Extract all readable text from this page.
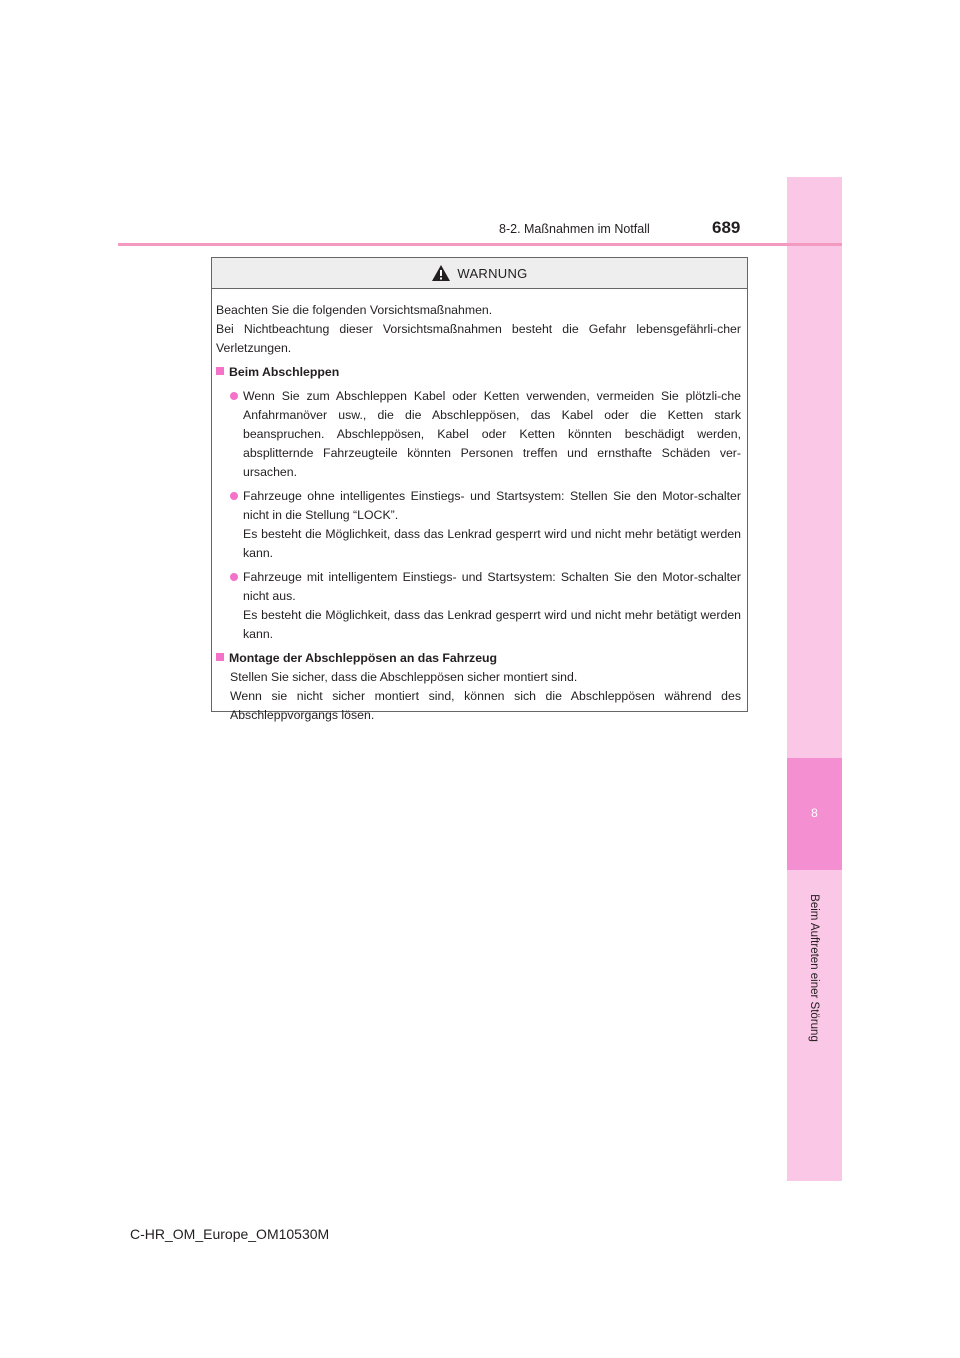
8
Beim Auftreten einer Störung
8-2. Maßnahmen im Notfall	689
WARNUNG

Beachten Sie die folgenden Vorsichtsmaßnahmen.

Bei Nichtbeachtung dieser Vorsichtsmaßnahmen besteht die Gefahr lebensgefährli-cher Verletzungen.

Beim Abschleppen
Wenn Sie zum Abschleppen Kabel oder Ketten verwenden, vermeiden Sie plötzli-che Anfahrmanöver usw., die die Abschleppösen, das Kabel oder die Ketten stark beanspruchen. Abschleppösen, Kabel oder Ketten könnten beschädigt werden, absplitternde Fahrzeugteile könnten Personen treffen und ernsthafte Schäden ver-ursachen.
Fahrzeuge ohne intelligentes Einstiegs- und Startsystem: Stellen Sie den Motor-schalter nicht in die Stellung “LOCK”.
Es besteht die Möglichkeit, dass das Lenkrad gesperrt wird und nicht mehr betätigt werden kann.
Fahrzeuge mit intelligentem Einstiegs- und Startsystem: Schalten Sie den Motor-schalter nicht aus.
Es besteht die Möglichkeit, dass das Lenkrad gesperrt wird und nicht mehr betätigt werden kann.
Montage der Abschleppösen an das Fahrzeug
Stellen Sie sicher, dass die Abschleppösen sicher montiert sind.
Wenn sie nicht sicher montiert sind, können sich die Abschleppösen während des Abschleppvorgangs lösen.
C-HR_OM_Europe_OM10530M
